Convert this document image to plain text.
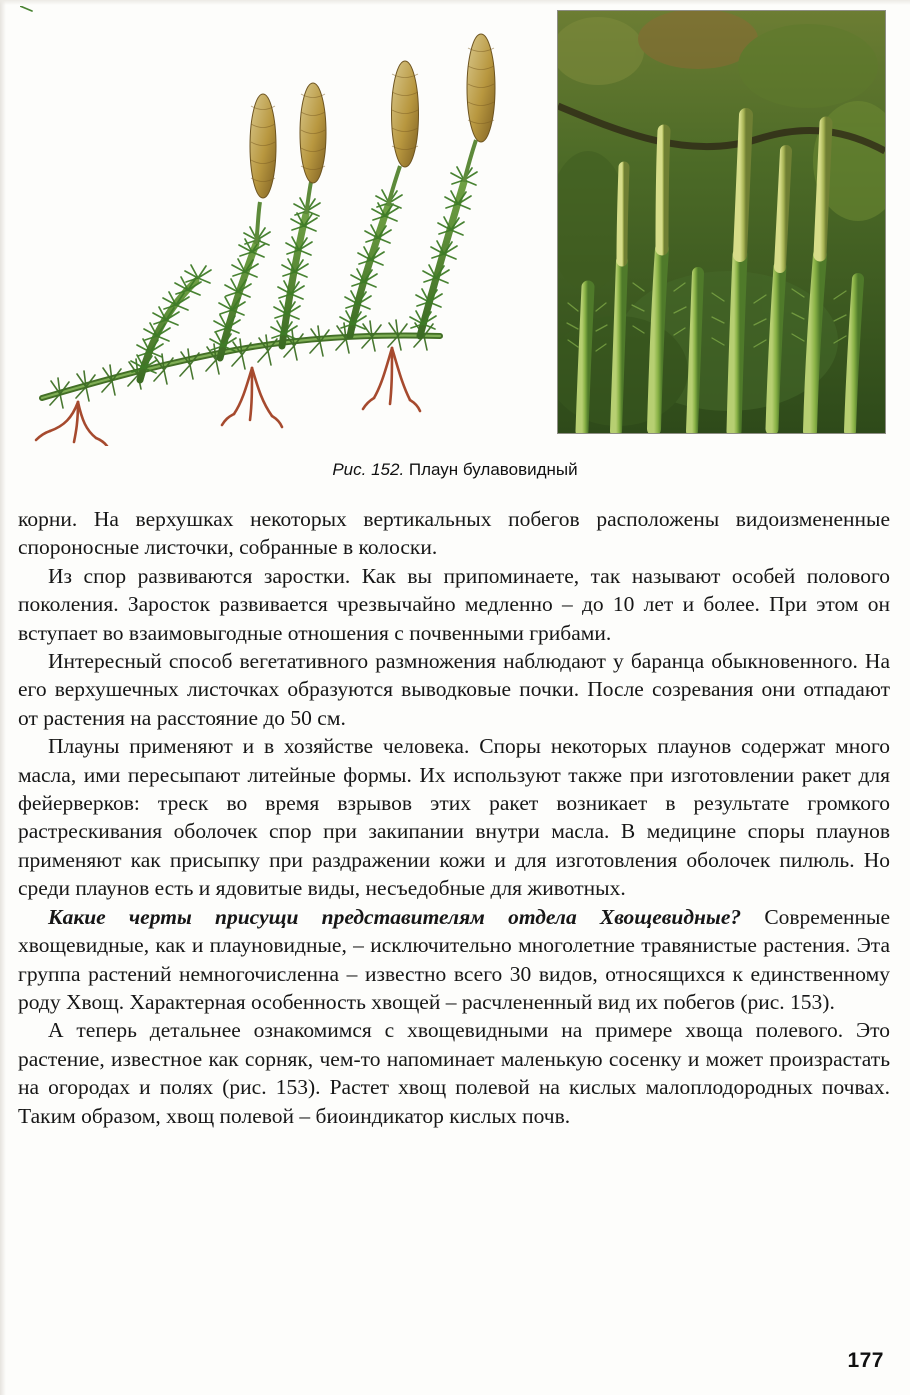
Рис. 152. Плаун булавовидный

корни. На верхушках некоторых вертикальных побегов расположены видоизмененные спороносные листочки, собранные в колоски.

Из спор развиваются заростки. Как вы припоминаете, так называют особей полового поколения. Заросток развивается чрезвычайно медленно – до 10 лет и более. При этом он вступает во взаимовыгодные отношения с почвенными грибами.

Интересный способ вегетативного размножения наблюдают у баранца обыкновенного. На его верхушечных листочках образуются выводковые почки. После созревания они отпадают от растения на расстояние до 50 см.

Плауны применяют и в хозяйстве человека. Споры некоторых плаунов содержат много масла, ими пересыпают литейные формы. Их используют также при изготовлении ракет для фейерверков: треск во время взрывов этих ракет возникает в результате громкого растрескивания оболочек спор при закипании внутри масла. В медицине споры плаунов применяют как присыпку при раздражении кожи и для изготовления оболочек пилюль. Но среди плаунов есть и ядовитые виды, несъедобные для животных.

Какие черты присущи представителям отдела Хвощевидные? Современные хвощевидные, как и плауновидные, – исключительно многолетние травянистые растения. Эта группа растений немногочисленна – известно всего 30 видов, относящихся к единственному роду Хвощ. Характерная особенность хвощей – расчлененный вид их побегов (рис. 153).

А теперь детальнее ознакомимся с хвощевидными на примере хвоща полевого. Это растение, известное как сорняк, чем-то напоминает маленькую сосенку и может произрастать на огородах и полях (рис. 153). Растет хвощ полевой на кислых малоплодородных почвах. Таким образом, хвощ полевой – биоиндикатор кислых почв.

177
